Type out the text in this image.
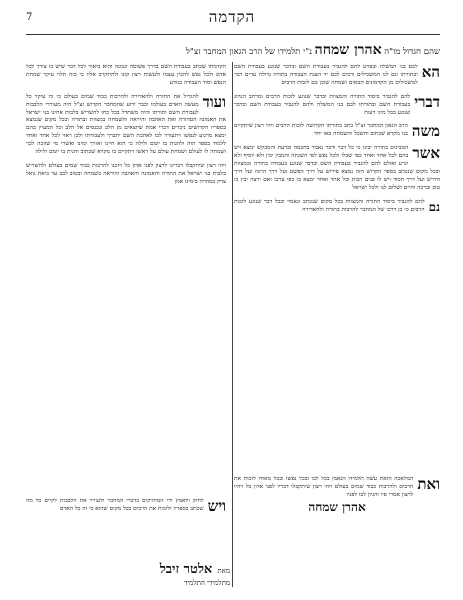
הקדמה
7
שהם חגדול מו"ה אהרן שמחה נ"י תלמידו של הרב הגאון המחבר זצ"ל
הא
לכם בני המשלה ובפרט להם להגביר בעבודת השם ובדבר שנוגע בעבודת השם ובתורתו וגם לנו המשכילים ורבים לכם יד הצגת העבודה בתורה גדולה עדים דבר למשכילים מן הקדמונים הבאים ושמחה שוכן בם לזכות הרבים
דברי
להם להגביר ביסוד התורה והמצוות ובדבר שנוגע לזכות הרבים ומרחב הנהוג בעבודת השם ובתורתו לכם בני המשלה ולהם להגביר בעבודת השם ובדבר שנוגע בכל מיני דעות
משה
הרב הגאון המחבר זצ"ל כתב בתורתו הקדושה לזכות הרבים ויהי רצון שיתקיים בנו מקרא שכתוב והשכל והשמחה באו יחד
אשר
המבינים בתורה יבינו כי כל דבר ודבר נאמר בחכמה ובדעת והמבקש ימצא ויש בהם לכל אחד ואחד כפי שכלו ולכל נפש לפי השגתה והמבין יבין ולא יוסיף ולא יגרע ואולם להם להגביר בעבודת השם ובדבר שנוגע בעבודה בתורה ובמצוות ובכל מקום שנכתב בספר הקדוש הזה נמצא פירוש על דרך הפשט ועל דרך הרמז ועל דרך הדרש ועל דרך הסוד ויש לו פנים רבות וכל אחד ואחד ימצא בו כפי ערכו ואם ירצה יבין בו טוב וברכה וחיים ושלום לנו ולכל ישראל
נם
להם להגביר ביסוד התורה והמצוות בכל מקום שנכתב ונאמר ובכל דבר שנוגע לזכות הרבים כי כן דרכו של המחבר להרבות בתורה ולהאדירה
הקדמתו שכתב בעבודת השם בדרך פשוטה ונבונה והוא ביאור לכל דבר שיש בו צורך לכל אדם ולכל נפש להכין עצמו ולעשות רצון קונו ולהתקרב אליו כי בזה תלוי עיקר שמחת הנפש וסוד העבודה כנודע
ועוד
להגדיל את התורה ולהאדירה ולהרבות כבוד שמים בעולם כי זה עיקר כל מעשה האדם בעולמו וכבר ידוע שהמחבר הקדוש זצ"ל היה מעוררי הלבבות לעבודת השם ותורתו והיה משתדל בכל כחו להשריש בלבות אחינו בני ישראל את האמונה הטהורה ואת האהבה והיראה והשמחה במצוות ובתורה ובכל מקום שנמצא בספריו הקדושים ניכרים דברי אמת שיוצאים מן הלב ונכנסים אל הלב וכל המעיין בהם ימצא מרגוע לנפשו ויתעורר לבו לאהבת השם יתברך ולעבודתו ולכן ראוי לכל אחד ואחד ללמוד בספר הזה ולהגות בו יומם ולילה כי הוא חיינו ואורך ימינו ואשרי מי שזוכה לכך ושמחה לו לעולם ושמחת עולם על ראשו ויתקיים בו מקרא שכתוב והגית בו יומם ולילה
ויהי רצון שיתקבלו דברינו לרצון לפני אדון כל ויזכנו להרבות כבוד שמים בעולם ולהשריש בלבות בני ישראל את התורה והאמונה והאהבה והיראה בשמחה ובטוב לבב עד ביאת גואל צדק במהרה בימינו אמן
ויש
לחזק ולאמץ ידי המחזיקים בדברי המחבר ולעורר את הלבבות לקיים כל מה שכתב בספריו ולזכות את הרבים בכל מקום שהוא כי זה כל האדם
מאת אלטר זיבל
מתלמידי התלמיד
ואת
המלאכה הזאת עשה תלמידו הנאמן בכל לבו ובכל נפשו ובכל מאודו לזכות את הרבים ולהרבות כבוד שמים בעולם ויהי רצון שיתקבלו דבריו לפני אדון כל ויהיו לרצון אמרי פיו והגיון לבו לפניו
אהרן שמחה
